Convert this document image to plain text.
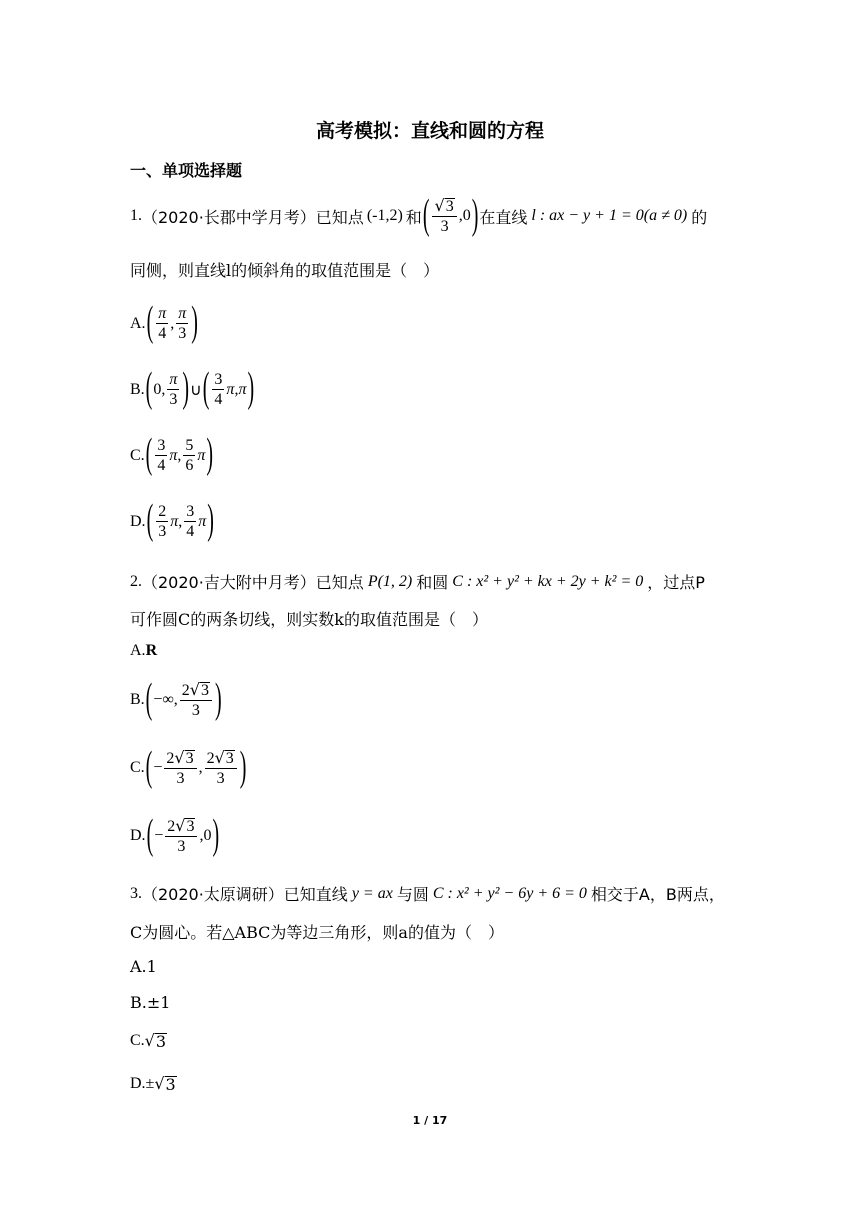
高考模拟：直线和圆的方程
一、单项选择题
1. （2020·长郡中学月考）已知点 (-1,2) 和 ( $\frac{√ 3}{3} ,0$ ) 在直线 l : ax − y + 1 = 0(a ≠ 0) 的
同侧，则直线l的倾斜角的取值范围是（　）
A. ( $\frac{\pi}{4}$ , $\frac{\pi}{3}$ )
B. ( 0, $\frac{\pi}{3}$ ) ∪ ( $\frac{3}{4}$ π , π )
C. ( $\frac{3}{4}$ π , $\frac{5}{6}$ π )
D. ( $\frac{2}{3}$ π , $\frac{3}{4}$ π )
2. （2020·吉大附中月考）已知点 P(1, 2) 和圆 C : x² + y² + kx + 2y + k² = 0 ，过点P
可作圆C的两条切线，则实数k的取值范围是（　）
A. R
B. ( −∞, $\frac{2 √ 3}{3}$ )
C. ( − $\frac{2 √ 3}{3}$ , $\frac{2 √ 3}{3}$ )
D. ( − $\frac{2 √ 3}{3} ,0$ )
3. （2020·太原调研）已知直线 y = ax 与圆 C : x² + y² − 6y + 6 = 0 相交于A，B两点，
C为圆心。若△ABC为等边三角形，则a的值为（　）
A.1
B.±1
C. √ 3
D.± √ 3
1 / 17
